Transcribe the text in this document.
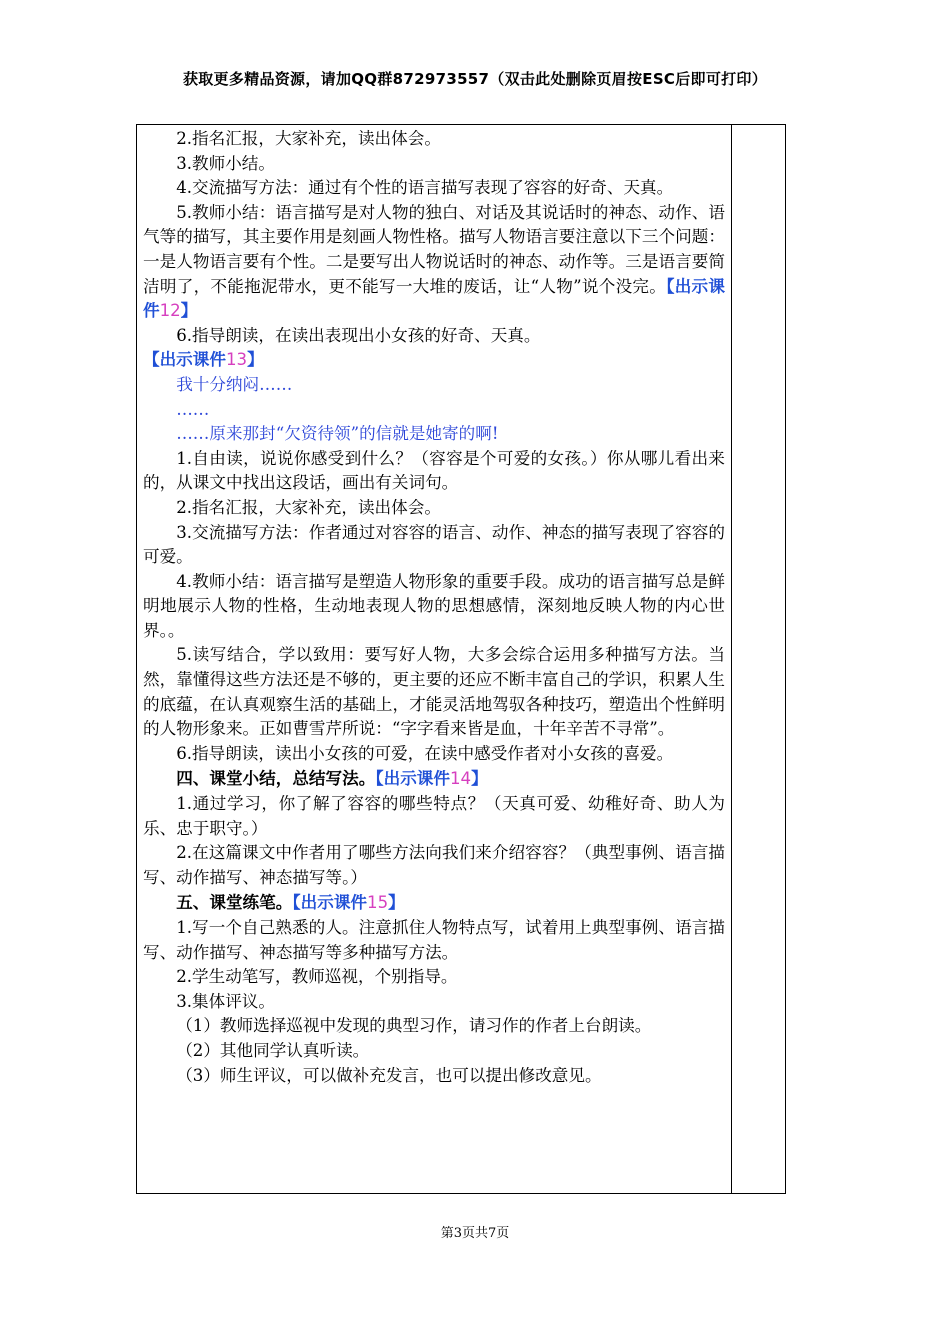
获取更多精品资源，请加QQ群872973557（双击此处删除页眉按ESC后即可打印）

2.指名汇报，大家补充，读出体会。

3.教师小结。

4.交流描写方法：通过有个性的语言描写表现了容容的好奇、天真。

5.教师小结：语言描写是对人物的独白、对话及其说话时的神态、动作、语气等的描写，其主要作用是刻画人物性格。描写人物语言要注意以下三个问题：一是人物语言要有个性。二是要写出人物说话时的神态、动作等。三是语言要简洁明了，不能拖泥带水，更不能写一大堆的废话，让“人物”说个没完。【出示课件12】

6.指导朗读，在读出表现出小女孩的好奇、天真。

【出示课件13】

我十分纳闷……

……

……原来那封“欠资待领”的信就是她寄的啊!

1.自由读，说说你感受到什么？（容容是个可爱的女孩。）你从哪儿看出来的，从课文中找出这段话，画出有关词句。

2.指名汇报，大家补充，读出体会。

3.交流描写方法：作者通过对容容的语言、动作、神态的描写表现了容容的可爱。

4.教师小结：语言描写是塑造人物形象的重要手段。成功的语言描写总是鲜明地展示人物的性格，生动地表现人物的思想感情，深刻地反映人物的内心世界。。

5.读写结合，学以致用：要写好人物，大多会综合运用多种描写方法。当然，靠懂得这些方法还是不够的，更主要的还应不断丰富自己的学识，积累人生的底蕴，在认真观察生活的基础上，才能灵活地驾驭各种技巧，塑造出个性鲜明的人物形象来。正如曹雪芹所说：“字字看来皆是血，十年辛苦不寻常”。

6.指导朗读，读出小女孩的可爱，在读中感受作者对小女孩的喜爱。

四、课堂小结，总结写法。【出示课件14】

1.通过学习，你了解了容容的哪些特点？（天真可爱、幼稚好奇、助人为乐、忠于职守。）

2.在这篇课文中作者用了哪些方法向我们来介绍容容？（典型事例、语言描写、动作描写、神态描写等。）

五、课堂练笔。【出示课件15】

1.写一个自己熟悉的人。注意抓住人物特点写，试着用上典型事例、语言描写、动作描写、神态描写等多种描写方法。

2.学生动笔写，教师巡视，个别指导。

3.集体评议。

（1）教师选择巡视中发现的典型习作，请习作的作者上台朗读。

（2）其他同学认真听读。

（3）师生评议，可以做补充发言，也可以提出修改意见。

第3页共7页
